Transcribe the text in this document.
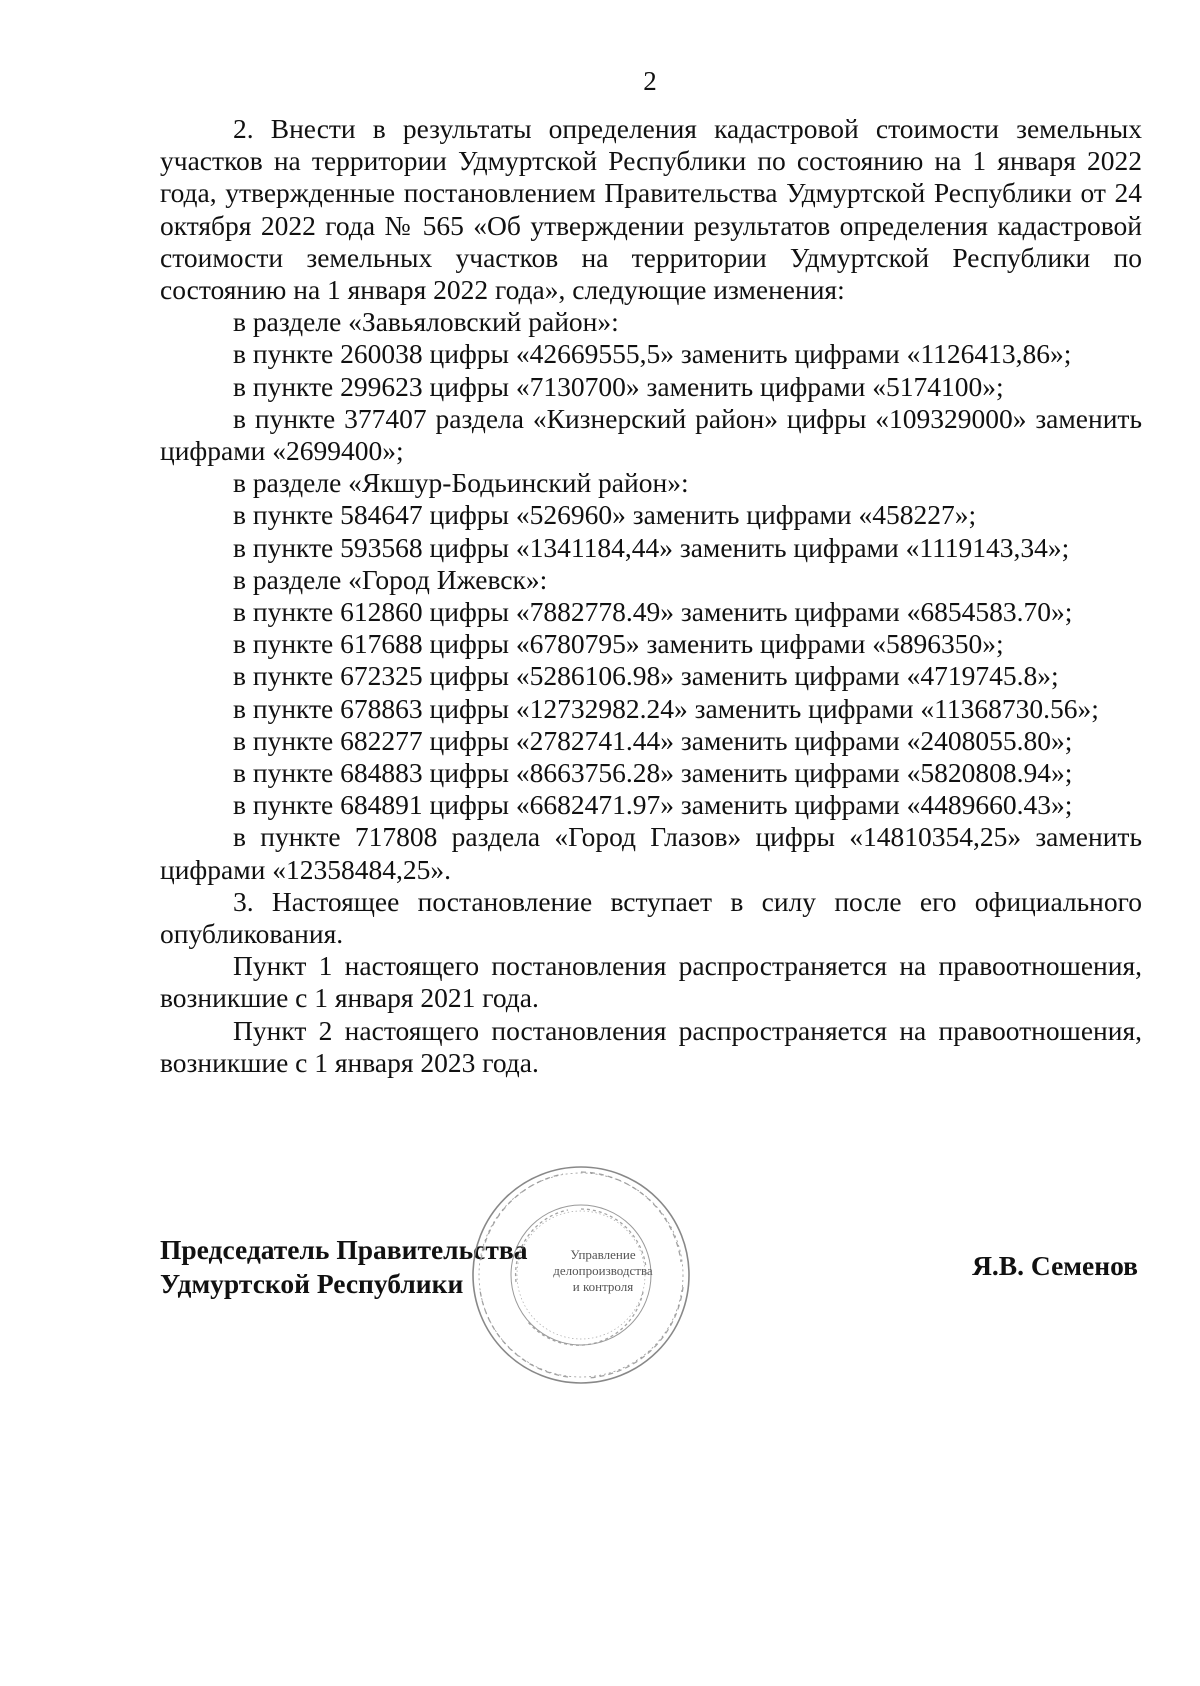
2

2. Внести в результаты определения кадастровой стоимости земельных участков на территории Удмуртской Республики по состоянию на 1 января 2022 года, утвержденные постановлением Правительства Удмуртской Республики от 24 октября 2022 года № 565 «Об утверждении результатов определения кадастровой стоимости земельных участков на территории Удмуртской Республики по состоянию на 1 января 2022 года», следующие изменения:

в разделе «Завьяловский район»:

в пункте 260038 цифры «42669555,5» заменить цифрами «1126413,86»;

в пункте 299623 цифры «7130700» заменить цифрами «5174100»;

в пункте 377407 раздела «Кизнерский район» цифры «109329000» заменить цифрами «2699400»;

в разделе «Якшур-Бодьинский район»:

в пункте 584647 цифры «526960» заменить цифрами «458227»;

в пункте 593568 цифры «1341184,44» заменить цифрами «1119143,34»;

в разделе «Город Ижевск»:

в пункте 612860 цифры «7882778.49» заменить цифрами «6854583.70»;

в пункте 617688 цифры «6780795» заменить цифрами «5896350»;

в пункте 672325 цифры «5286106.98» заменить цифрами «4719745.8»;

в пункте 678863 цифры «12732982.24» заменить цифрами «11368730.56»;

в пункте 682277 цифры «2782741.44» заменить цифрами «2408055.80»;

в пункте 684883 цифры «8663756.28» заменить цифрами «5820808.94»;

в пункте 684891 цифры «6682471.97» заменить цифрами «4489660.43»;

в пункте 717808 раздела «Город Глазов» цифры «14810354,25» заменить цифрами «12358484,25».

3. Настоящее постановление вступает в силу после его официального опубликования.

Пункт 1 настоящего постановления распространяется на правоотношения, возникшие с 1 января 2021 года.

Пункт 2 настоящего постановления распространяется на правоотношения, возникшие с 1 января 2023 года.

Председатель Правительства
Удмуртской Республики
Я.В. Семенов
Управление
делопроизводства
и контроля
